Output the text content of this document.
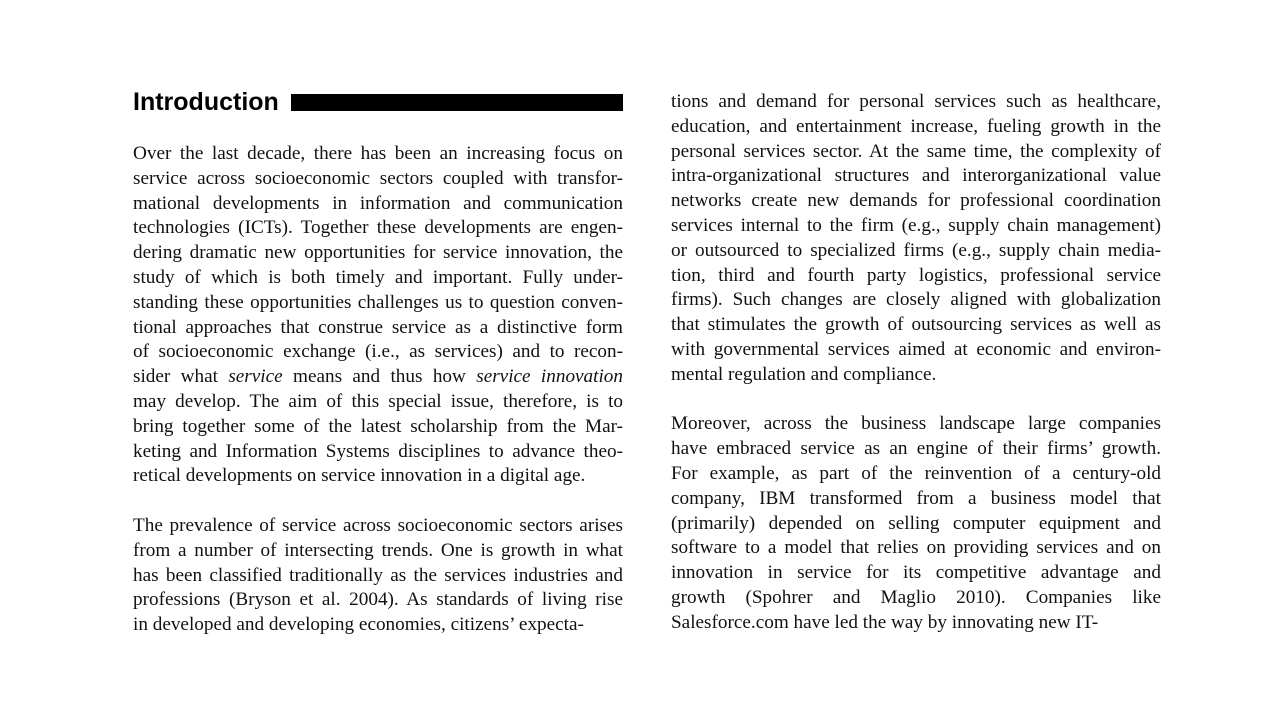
Introduction

Over the last decade, there has been an increasing focus on
service across socioeconomic sectors coupled with transfor-
mational developments in information and communication
technologies (ICTs). Together these developments are engen-
dering dramatic new opportunities for service innovation, the
study of which is both timely and important. Fully under-
standing these opportunities challenges us to question conven-
tional approaches that construe service as a distinctive form
of socioeconomic exchange (i.e., as services) and to recon-
sider what service means and thus how service innovation
may develop. The aim of this special issue, therefore, is to
bring together some of the latest scholarship from the Mar-
keting and Information Systems disciplines to advance theo-
retical developments on service innovation in a digital age.

The prevalence of service across socioeconomic sectors arises
from a number of intersecting trends. One is growth in what
has been classified traditionally as the services industries and
professions (Bryson et al. 2004). As standards of living rise
in developed and developing economies, citizens’ expecta-

tions and demand for personal services such as healthcare,
education, and entertainment increase, fueling growth in the
personal services sector. At the same time, the complexity of
intra-organizational structures and interorganizational value
networks create new demands for professional coordination
services internal to the firm (e.g., supply chain management)
or outsourced to specialized firms (e.g., supply chain media-
tion, third and fourth party logistics, professional service
firms). Such changes are closely aligned with globalization
that stimulates the growth of outsourcing services as well as
with governmental services aimed at economic and environ-
mental regulation and compliance.

Moreover, across the business landscape large companies
have embraced service as an engine of their firms’ growth.
For example, as part of the reinvention of a century-old
company, IBM transformed from a business model that
(primarily) depended on selling computer equipment and
software to a model that relies on providing services and on
innovation in service for its competitive advantage and
growth (Spohrer and Maglio 2010). Companies like
Salesforce.com have led the way by innovating new IT-
